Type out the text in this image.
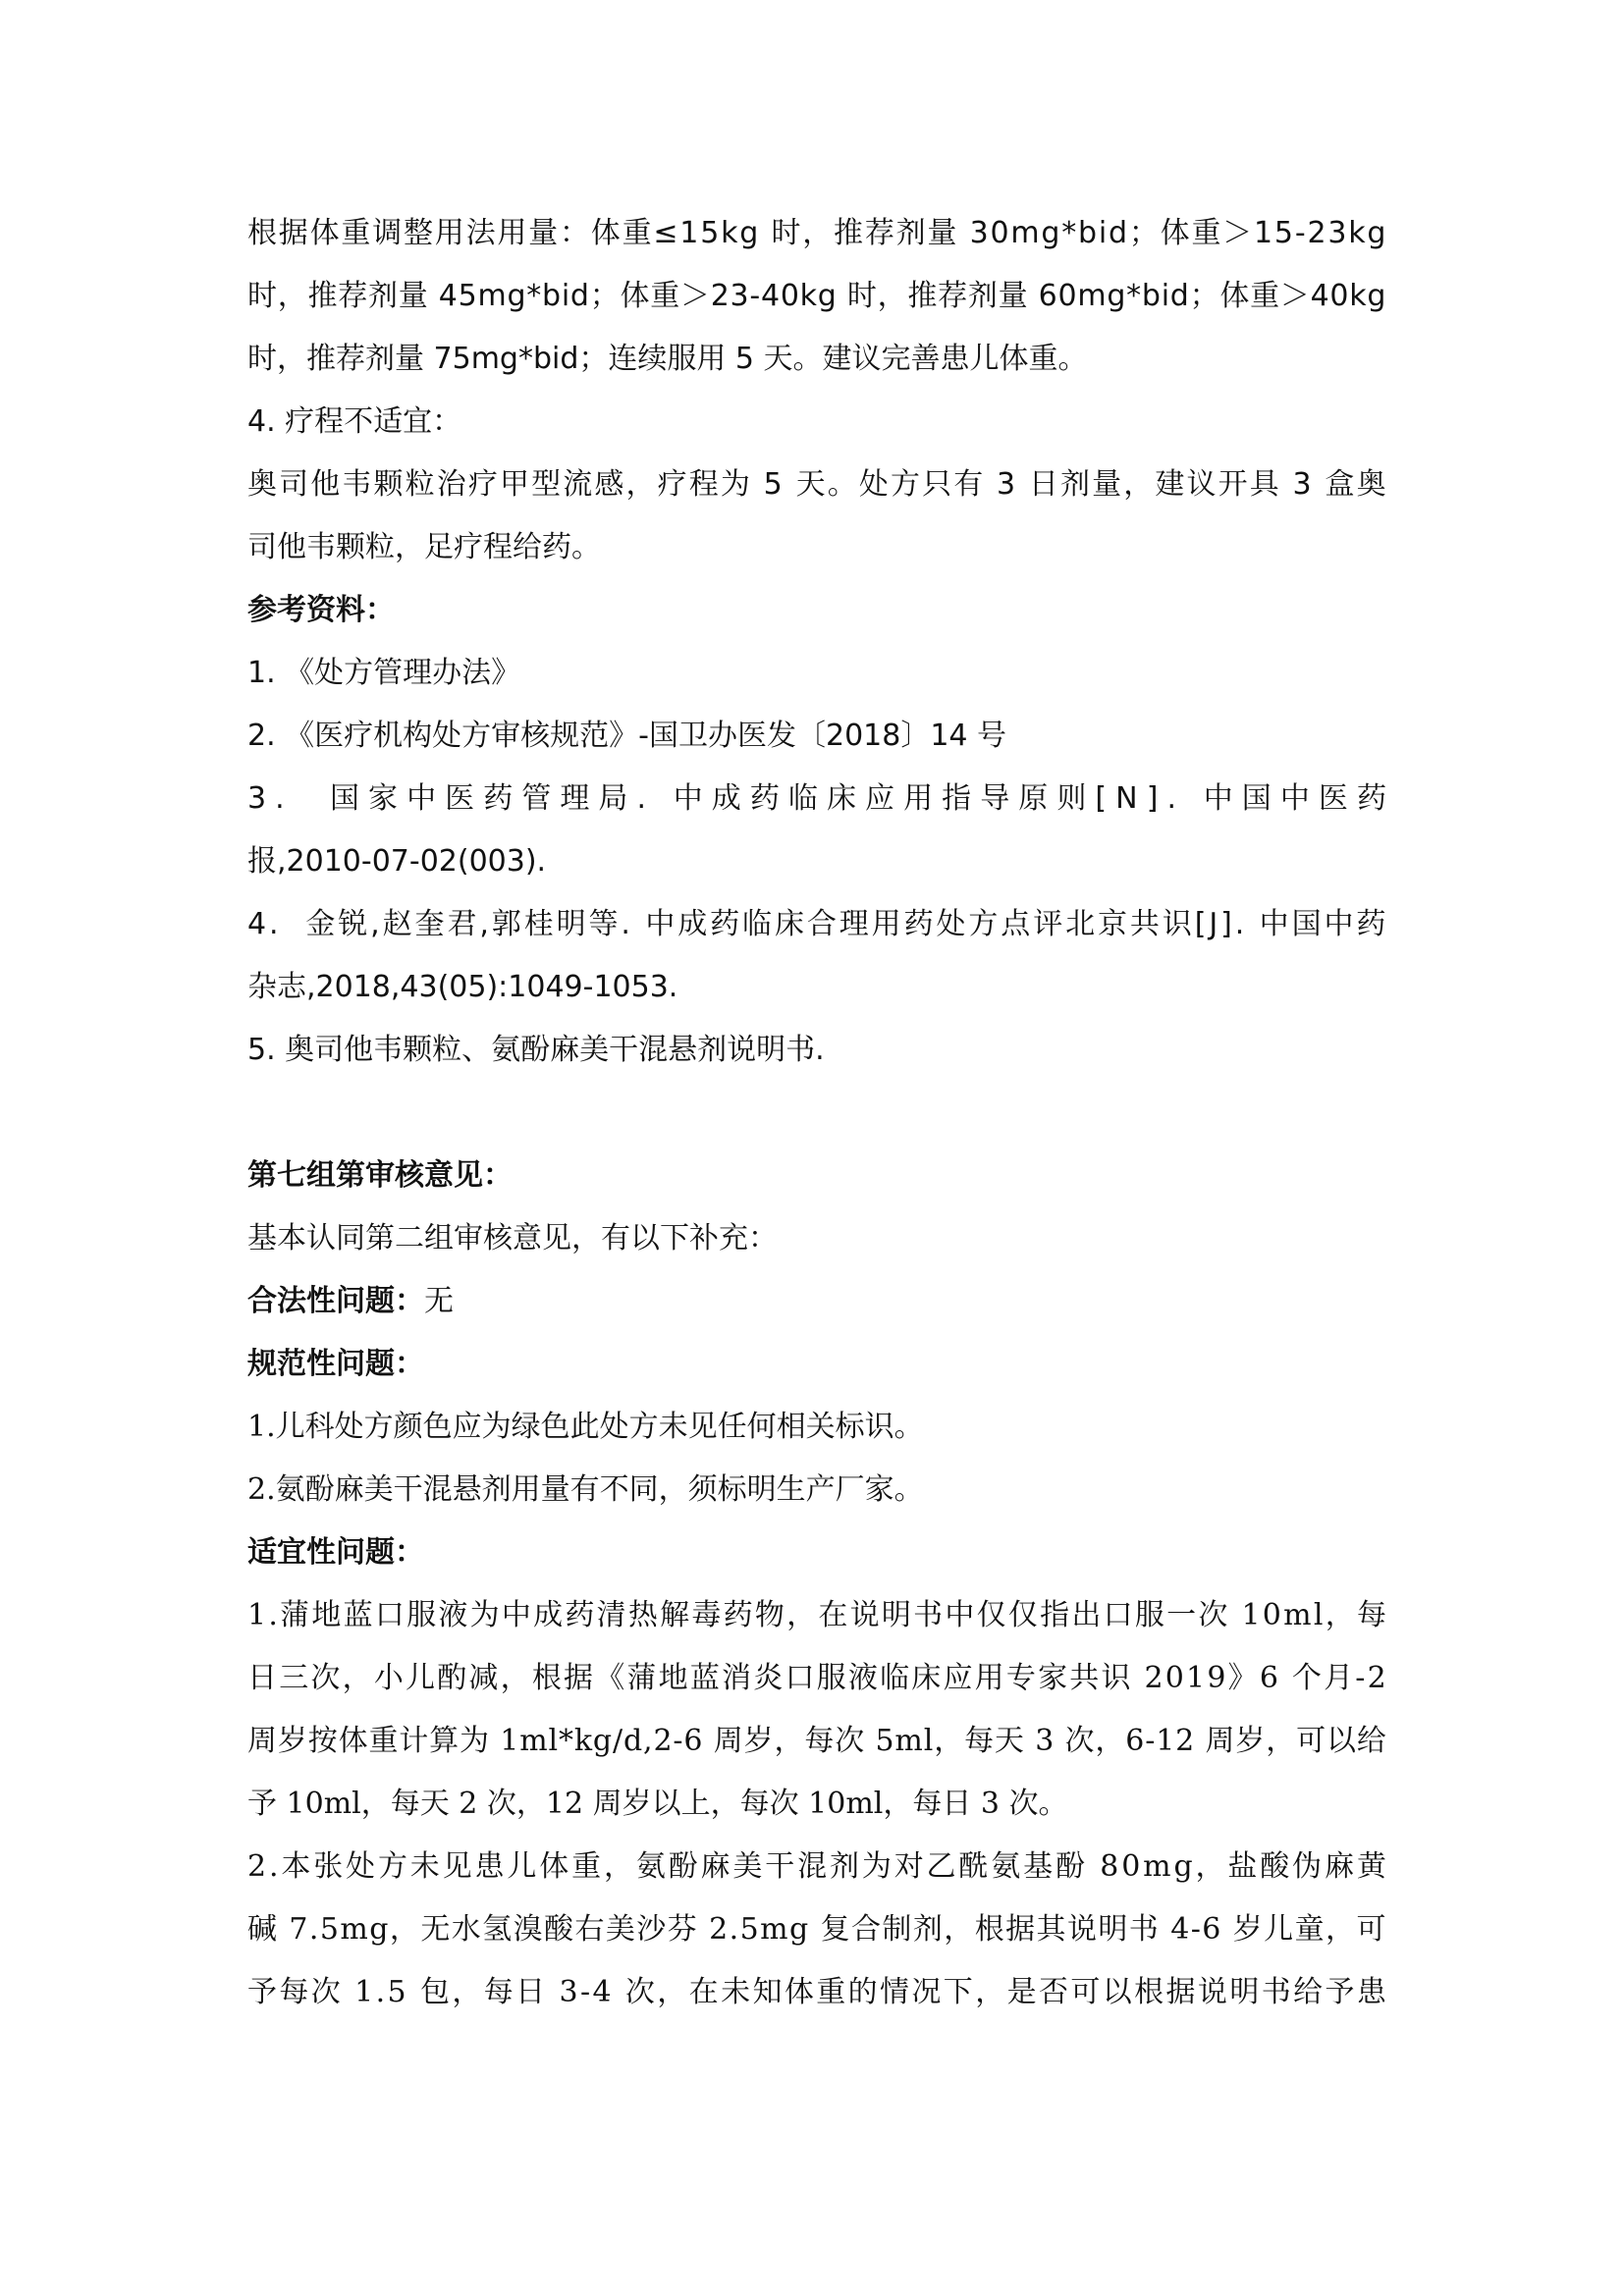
根 据 体 重 调 整 用 法 用 量 ： 体 重 ≤ 1 5 k g
时 ， 推 荐 剂 量
3 0 m g * b i d ； 体 重 ＞ 1 5 - 2 3 k g
时 ， 推 荐 剂 量
4 5 m g * b i d ； 体 重 ＞ 2 3 - 4 0 k g
时 ， 推 荐 剂 量
6 0 m g * b i d ； 体 重 ＞ 4 0 k g
时，推荐剂量 75mg*bid；连续服用 5 天。建议完善患儿体重。
4. 疗程不适宜：
奥 司 他 韦 颗 粒 治 疗 甲 型 流 感 ， 疗 程 为
5
天 。 处 方 只 有
3
日 剂 量 ， 建 议 开 具
3
盒 奥
司他韦颗粒，足疗程给药。
参考资料：
1. 《处方管理办法》
2. 《医疗机构处方审核规范》-国卫办医发〔2018〕14 号
3 .

国 家 中 医 药 管 理 局 .
中 成 药 临 床 应 用 指 导 原 则 [ N ] .
中 国 中 医 药
报,2010-07-02(003).
4 .

金 锐 , 赵 奎 君 , 郭 桂 明 等 .
中 成 药 临 床 合 理 用 药 处 方 点 评 北 京 共 识 [ J ] .
中 国 中 药
杂志,2018,43(05):1049-1053.
5. 奥司他韦颗粒、氨酚麻美干混悬剂说明书.
第七组第审核意见：
基本认同第二组审核意见，有以下补充：
合法性问题：无
规范性问题：
1.儿科处方颜色应为绿色此处方未见任何相关标识。
2.氨酚麻美干混悬剂用量有不同，须标明生产厂家。
适宜性问题：
1 . 蒲 地 蓝 口 服 液 为 中 成 药 清 热 解 毒 药 物 ， 在 说 明 书 中 仅 仅 指 出 口 服 一 次
1 0 m l ， 每
日 三 次 ， 小 儿 酌 减 ， 根 据 《 蒲 地 蓝 消 炎 口 服 液 临 床 应 用 专 家 共 识
2 0 1 9 》 6
个 月 - 2
周 岁 按 体 重 计 算 为
1 m l * k g / d , 2 - 6
周 岁 ， 每 次
5 m l ， 每 天
3
次 ， 6 - 1 2
周 岁 ， 可 以 给
予 10ml，每天 2 次，12 周岁以上，每次 10ml，每日 3 次。
2 . 本 张 处 方 未 见 患 儿 体 重 ， 氨 酚 麻 美 干 混 剂 为 对 乙 酰 氨 基 酚
8 0 m g ， 盐 酸 伪 麻 黄
碱
7 . 5 m g ， 无 水 氢 溴 酸 右 美 沙 芬
2 . 5 m g
复 合 制 剂 ， 根 据 其 说 明 书
4 - 6
岁 儿 童 ， 可
予 每 次
1 . 5
包 ， 每 日
3 - 4
次 ， 在 未 知 体 重 的 情 况 下 ， 是 否 可 以 根 据 说 明 书 给 予 患
